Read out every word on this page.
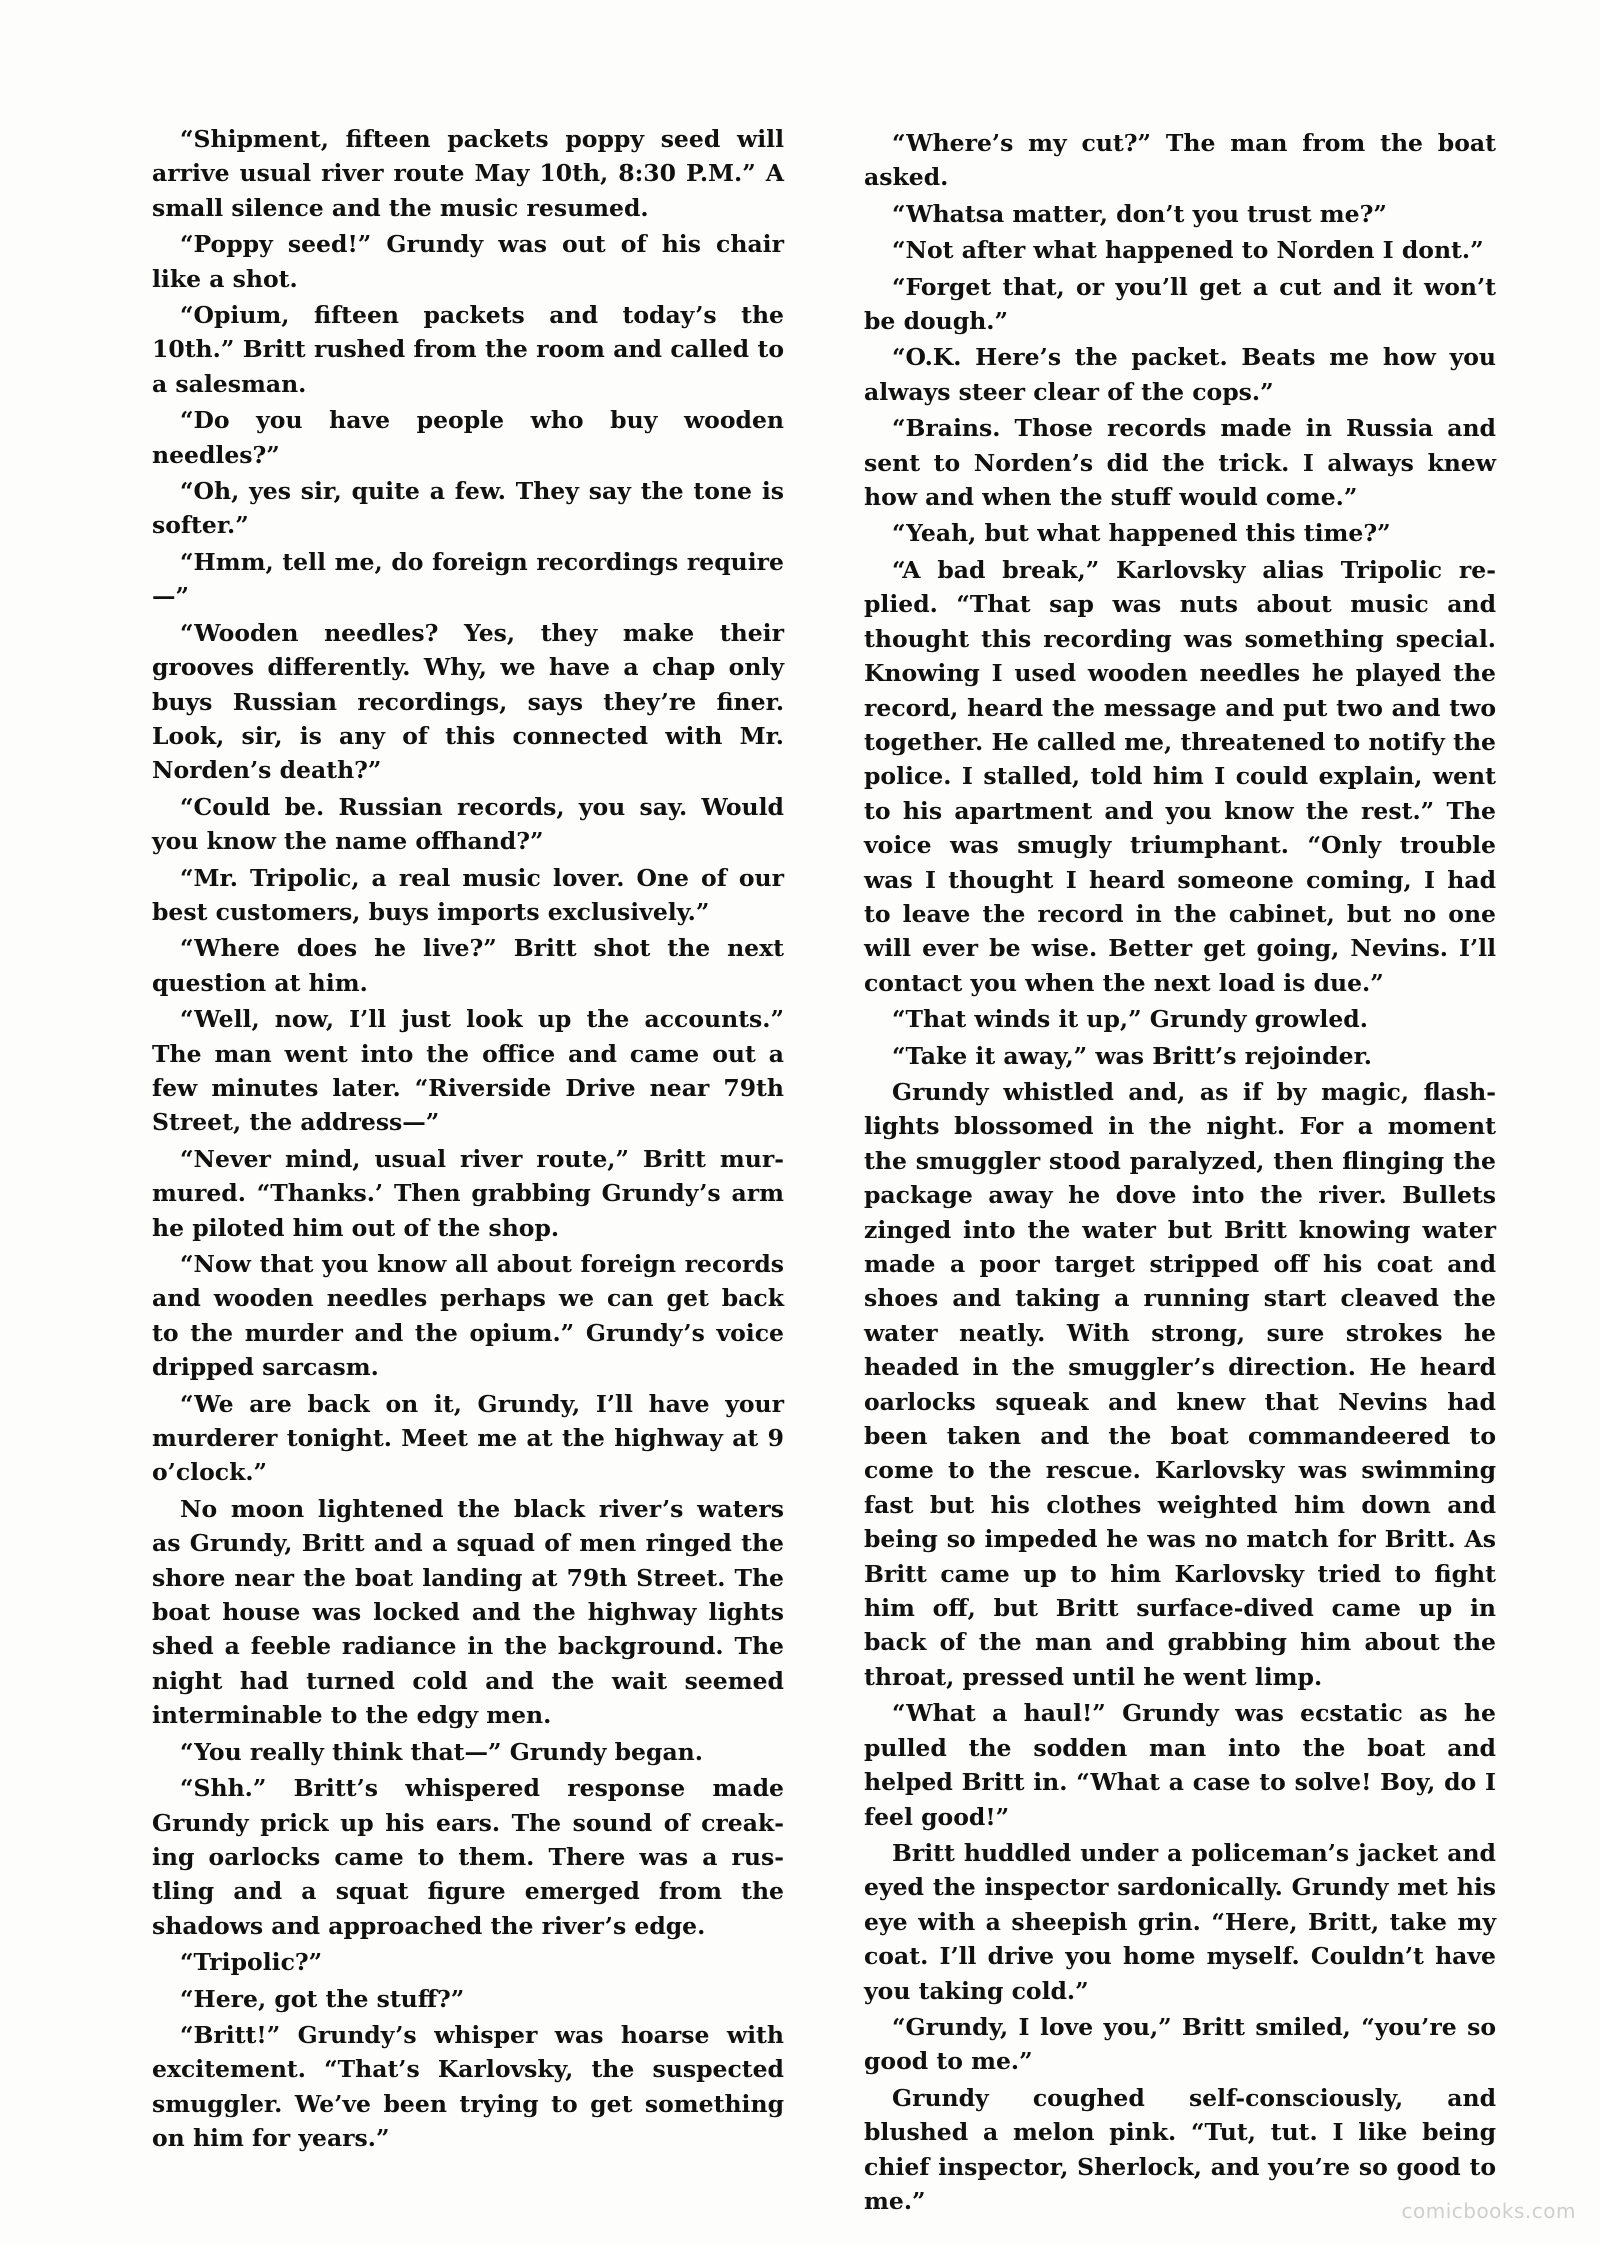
“Shipment, fifteen packets poppy seed will arrive usual river route May 10th, 8:30 P.M.” A small silence and the music resumed.

“Poppy seed!” Grundy was out of his chair like a shot.

“Opium, fifteen packets and today’s the 10th.” Britt rushed from the room and called to a salesman.

“Do you have people who buy wooden needles?”

“Oh, yes sir, quite a few. They say the tone is softer.”

“Hmm, tell me, do foreign recordings require—”

“Wooden needles? Yes, they make their grooves differently. Why, we have a chap only buys Russian recordings, says they’re finer. Look, sir, is any of this connected with Mr. Norden’s death?”

“Could be. Russian records, you say. Would you know the name offhand?”

“Mr. Tripolic, a real music lover. One of our best customers, buys imports exclusively.”

“Where does he live?” Britt shot the next question at him.

“Well, now, I’ll just look up the accounts.” The man went into the office and came out a few minutes later. “Riverside Drive near 79th Street, the address—”

“Never mind, usual river route,” Britt murmured. “Thanks.’ Then grabbing Grundy’s arm he piloted him out of the shop.

“Now that you know all about foreign records and wooden needles perhaps we can get back to the murder and the opium.” Grundy’s voice dripped sarcasm.

“We are back on it, Grundy, I’ll have your murderer tonight. Meet me at the highway at 9 o’clock.”

No moon lightened the black river’s waters as Grundy, Britt and a squad of men ringed the shore near the boat landing at 79th Street. The boat house was locked and the highway lights shed a feeble radiance in the background. The night had turned cold and the wait seemed interminable to the edgy men.

“You really think that—” Grundy began.

“Shh.” Britt’s whispered response made Grundy prick up his ears. The sound of creaking oarlocks came to them. There was a rustling and a squat figure emerged from the shadows and approached the river’s edge.

“Tripolic?”

“Here, got the stuff?”

“Britt!” Grundy’s whisper was hoarse with excitement. “That’s Karlovsky, the suspected smuggler. We’ve been trying to get something on him for years.”

“Where’s my cut?” The man from the boat asked.

“Whatsa matter, don’t you trust me?”

“Not after what happened to Norden I dont.”

“Forget that, or you’ll get a cut and it won’t be dough.”

“O.K. Here’s the packet. Beats me how you always steer clear of the cops.”

“Brains. Those records made in Russia and sent to Norden’s did the trick. I always knew how and when the stuff would come.”

“Yeah, but what happened this time?”

“A bad break,” Karlovsky alias Tripolic replied. “That sap was nuts about music and thought this recording was something special. Knowing I used wooden needles he played the record, heard the message and put two and two together. He called me, threatened to notify the police. I stalled, told him I could explain, went to his apartment and you know the rest.” The voice was smugly triumphant. “Only trouble was I thought I heard someone coming, I had to leave the record in the cabinet, but no one will ever be wise. Better get going, Nevins. I’ll contact you when the next load is due.”

“That winds it up,” Grundy growled.

“Take it away,” was Britt’s rejoinder.

Grundy whistled and, as if by magic, flashlights blossomed in the night. For a moment the smuggler stood paralyzed, then flinging the package away he dove into the river. Bullets zinged into the water but Britt knowing water made a poor target stripped off his coat and shoes and taking a running start cleaved the water neatly. With strong, sure strokes he headed in the smuggler’s direction. He heard oarlocks squeak and knew that Nevins had been taken and the boat commandeered to come to the rescue. Karlovsky was swimming fast but his clothes weighted him down and being so impeded he was no match for Britt. As Britt came up to him Karlovsky tried to fight him off, but Britt surface-dived came up in back of the man and grabbing him about the throat, pressed until he went limp.

“What a haul!” Grundy was ecstatic as he pulled the sodden man into the boat and helped Britt in. “What a case to solve! Boy, do I feel good!”

Britt huddled under a policeman’s jacket and eyed the inspector sardonically. Grundy met his eye with a sheepish grin. “Here, Britt, take my coat. I’ll drive you home myself. Couldn’t have you taking cold.”

“Grundy, I love you,” Britt smiled, “you’re so good to me.”

Grundy coughed self-consciously, and blushed a melon pink. “Tut, tut. I like being chief inspector, Sherlock, and you’re so good to me.”	comicbooks.com
